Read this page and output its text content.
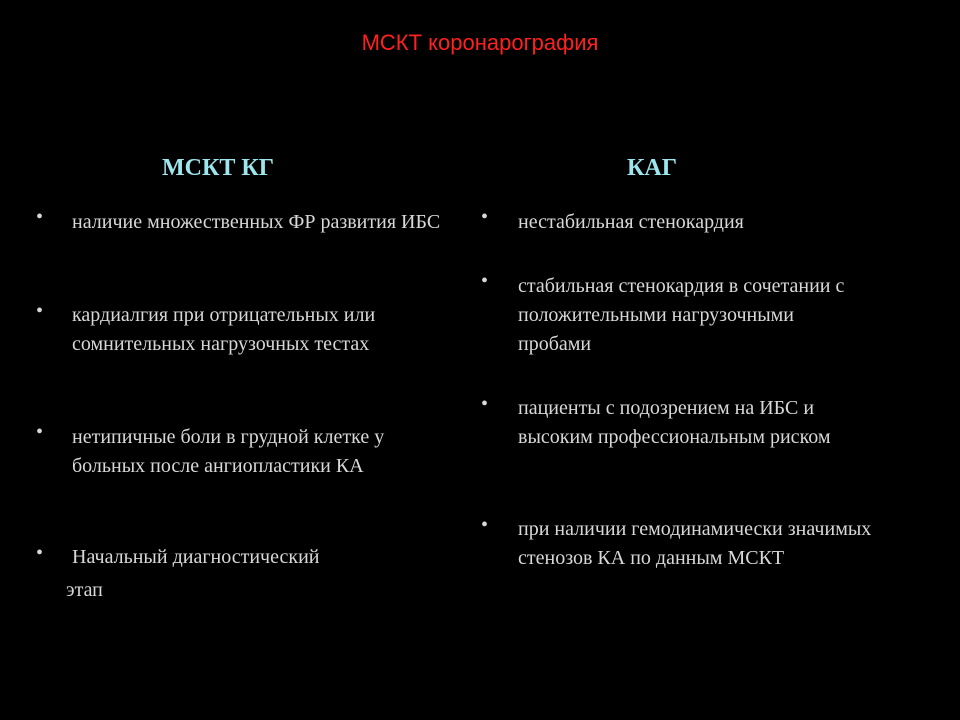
МСКТ коронарография
МСКТ КГ	КАГ
• наличие множественных ФР развития ИБС
• кардиалгия при отрицательных или сомнительных нагрузочных тестах
• нетипичные боли в грудной клетке у больных после ангиопластики КА
• Начальный диагностический
этап
• нестабильная стенокардия
• стабильная стенокардия в сочетании с положительными нагрузочными пробами
• пациенты с подозрением на ИБС и высоким профессиональным риском
• при наличии гемодинамически значимых стенозов КА по данным МСКТ
